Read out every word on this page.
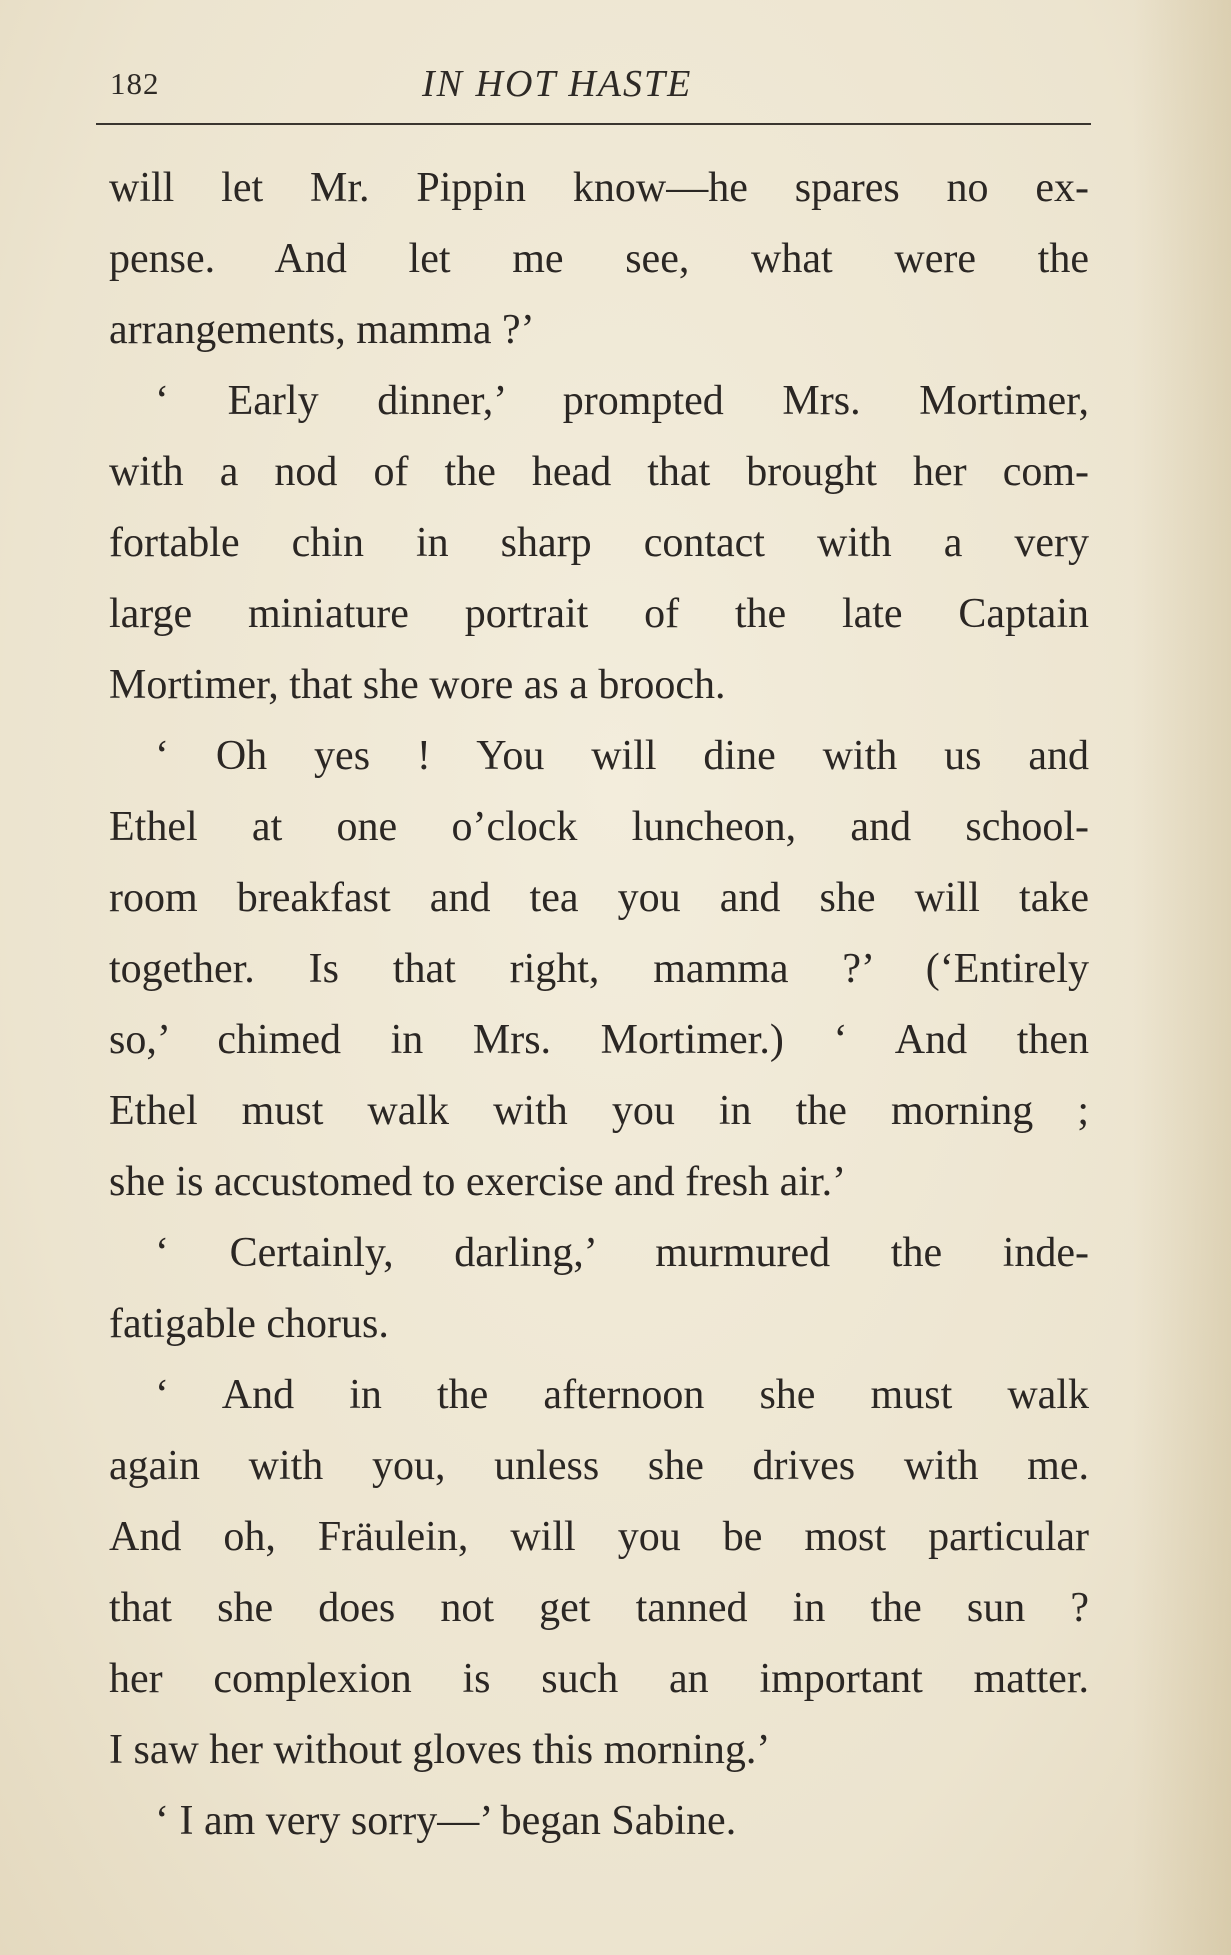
182	IN HOT HASTE
will let Mr. Pippin know—he spares no ex-
pense. And let me see, what were the
arrangements, mamma ?’
‘ Early dinner,’ prompted Mrs. Mortimer,
with a nod of the head that brought her com-
fortable chin in sharp contact with a very
large miniature portrait of the late Captain
Mortimer, that she wore as a brooch.
‘ Oh yes ! You will dine with us and
Ethel at one o’clock luncheon, and school-
room breakfast and tea you and she will take
together. Is that right, mamma ?’ (‘Entirely
so,’ chimed in Mrs. Mortimer.) ‘ And then
Ethel must walk with you in the morning ;
she is accustomed to exercise and fresh air.’
‘ Certainly, darling,’ murmured the inde-
fatigable chorus.
‘ And in the afternoon she must walk
again with you, unless she drives with me.
And oh, Fräulein, will you be most particular
that she does not get tanned in the sun ?
her complexion is such an important matter.
I saw her without gloves this morning.’
‘ I am very sorry—’ began Sabine.
